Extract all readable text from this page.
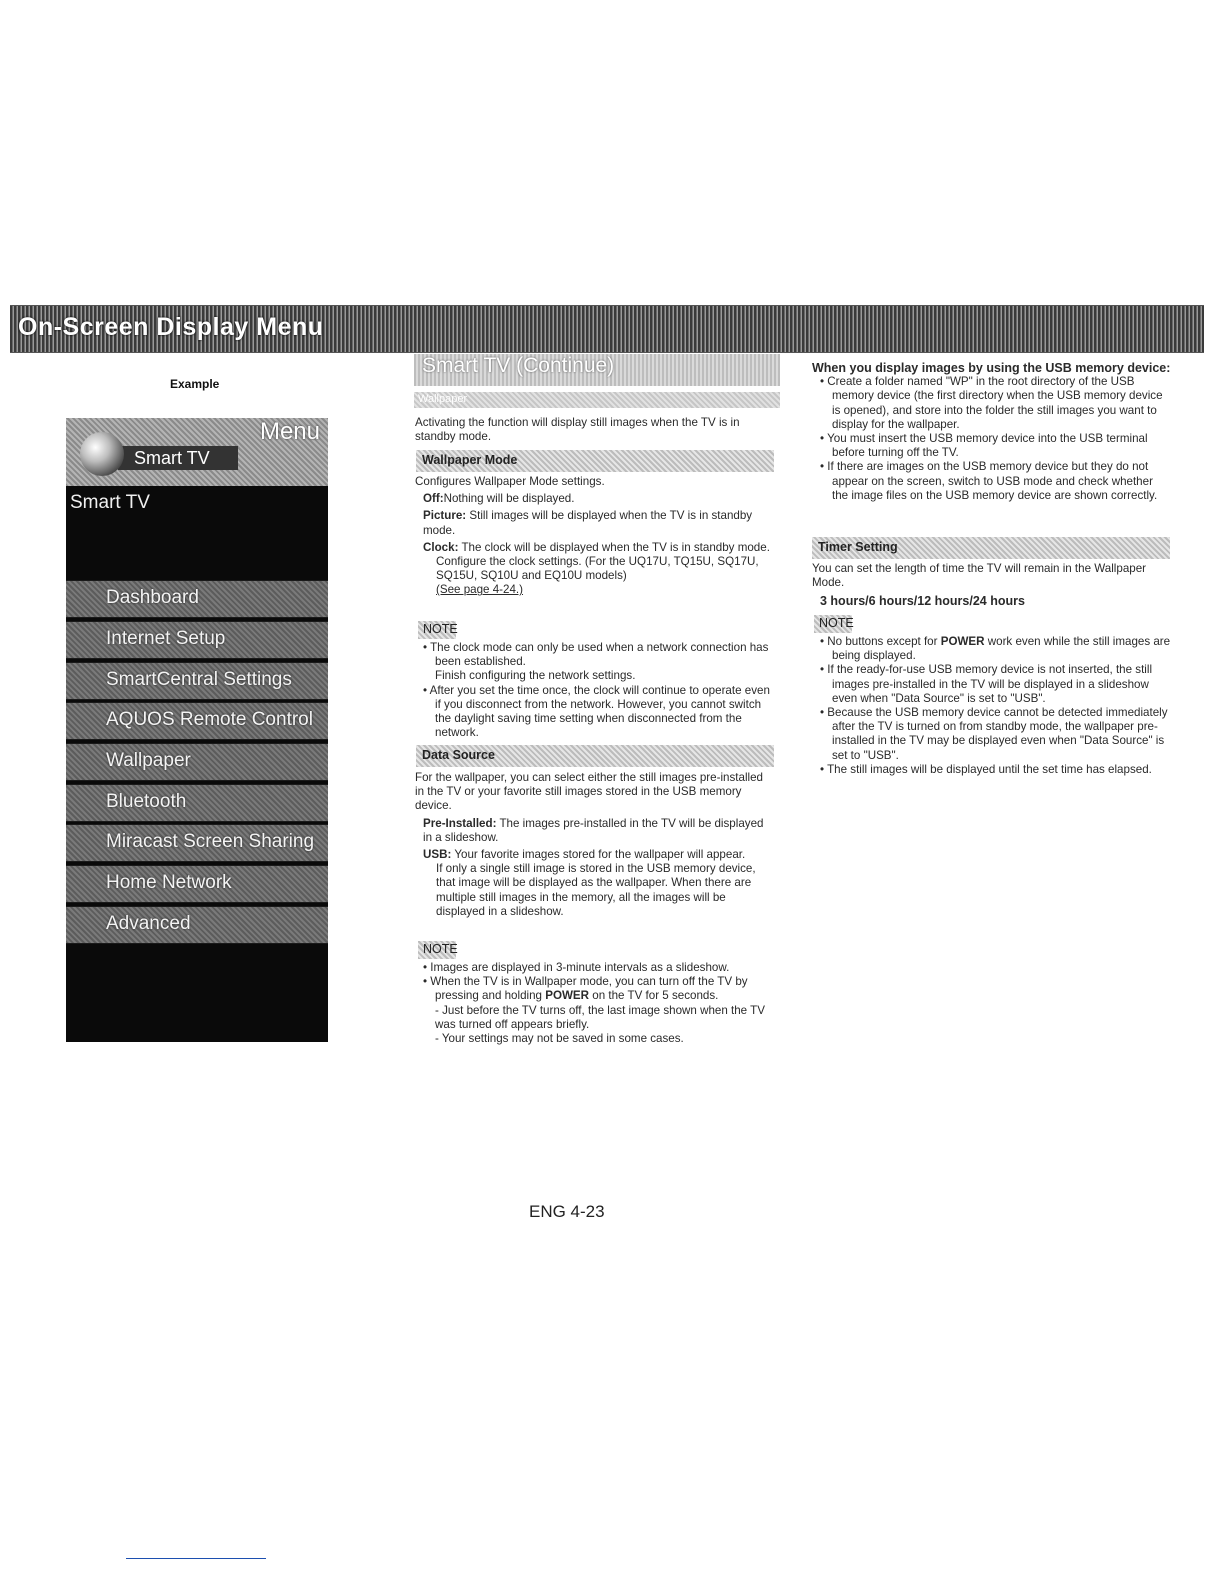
On-Screen Display Menu
Example
Menu
Smart TV
Smart TV
Dashboard
Internet Setup
SmartCentral Settings
AQUOS Remote Control
Wallpaper
Bluetooth
Miracast Screen Sharing
Home Network
Advanced
Smart TV (Continue)
Wallpaper

Activating the function will display still images when the TV is in standby mode.

Wallpaper Mode

Configures Wallpaper Mode settings.

Off:Nothing will be displayed.

Picture: Still images will be displayed when the TV is in standby mode.

Clock: The clock will be displayed when the TV is in standby mode.

Configure the clock settings. (For the UQ17U, TQ15U, SQ17U, SQ15U, SQ10U and EQ10U models)

(See page 4-24.)

NOTE

• The clock mode can only be used when a network connection has been established.

Finish configuring the network settings.

• After you set the time once, the clock will continue to operate even if you disconnect from the network. However, you cannot switch the daylight saving time setting when disconnected from the network.

Data Source

For the wallpaper, you can select either the still images pre-installed in the TV or your favorite still images stored in the USB memory device.

Pre-Installed: The images pre-installed in the TV will be displayed in a slideshow.

USB: Your favorite images stored for the wallpaper will appear.

If only a single still image is stored in the USB memory device, that image will be displayed as the wallpaper. When there are multiple still images in the memory, all the images will be displayed in a slideshow.

NOTE

• Images are displayed in 3-minute intervals as a slideshow.

• When the TV is in Wallpaper mode, you can turn off the TV by pressing and holding POWER on the TV for 5 seconds.

- Just before the TV turns off, the last image shown when the TV was turned off appears briefly.

- Your settings may not be saved in some cases.

When you display images by using the USB memory device:

• Create a folder named "WP" in the root directory of the USB memory device (the first directory when the USB memory device is opened), and store into the folder the still images you want to display for the wallpaper.

• You must insert the USB memory device into the USB terminal before turning off the TV.

• If there are images on the USB memory device but they do not appear on the screen, switch to USB mode and check whether the image files on the USB memory device are shown correctly.

Timer Setting

You can set the length of time the TV will remain in the Wallpaper Mode.

3 hours/6 hours/12 hours/24 hours

NOTE

• No buttons except for POWER work even while the still images are being displayed.

• If the ready-for-use USB memory device is not inserted, the still images pre-installed in the TV will be displayed in a slideshow even when "Data Source" is set to "USB".

• Because the USB memory device cannot be detected immediately after the TV is turned on from standby mode, the wallpaper pre-installed in the TV may be displayed even when "Data Source" is set to "USB".

• The still images will be displayed until the set time has elapsed.

ENG 4-23
